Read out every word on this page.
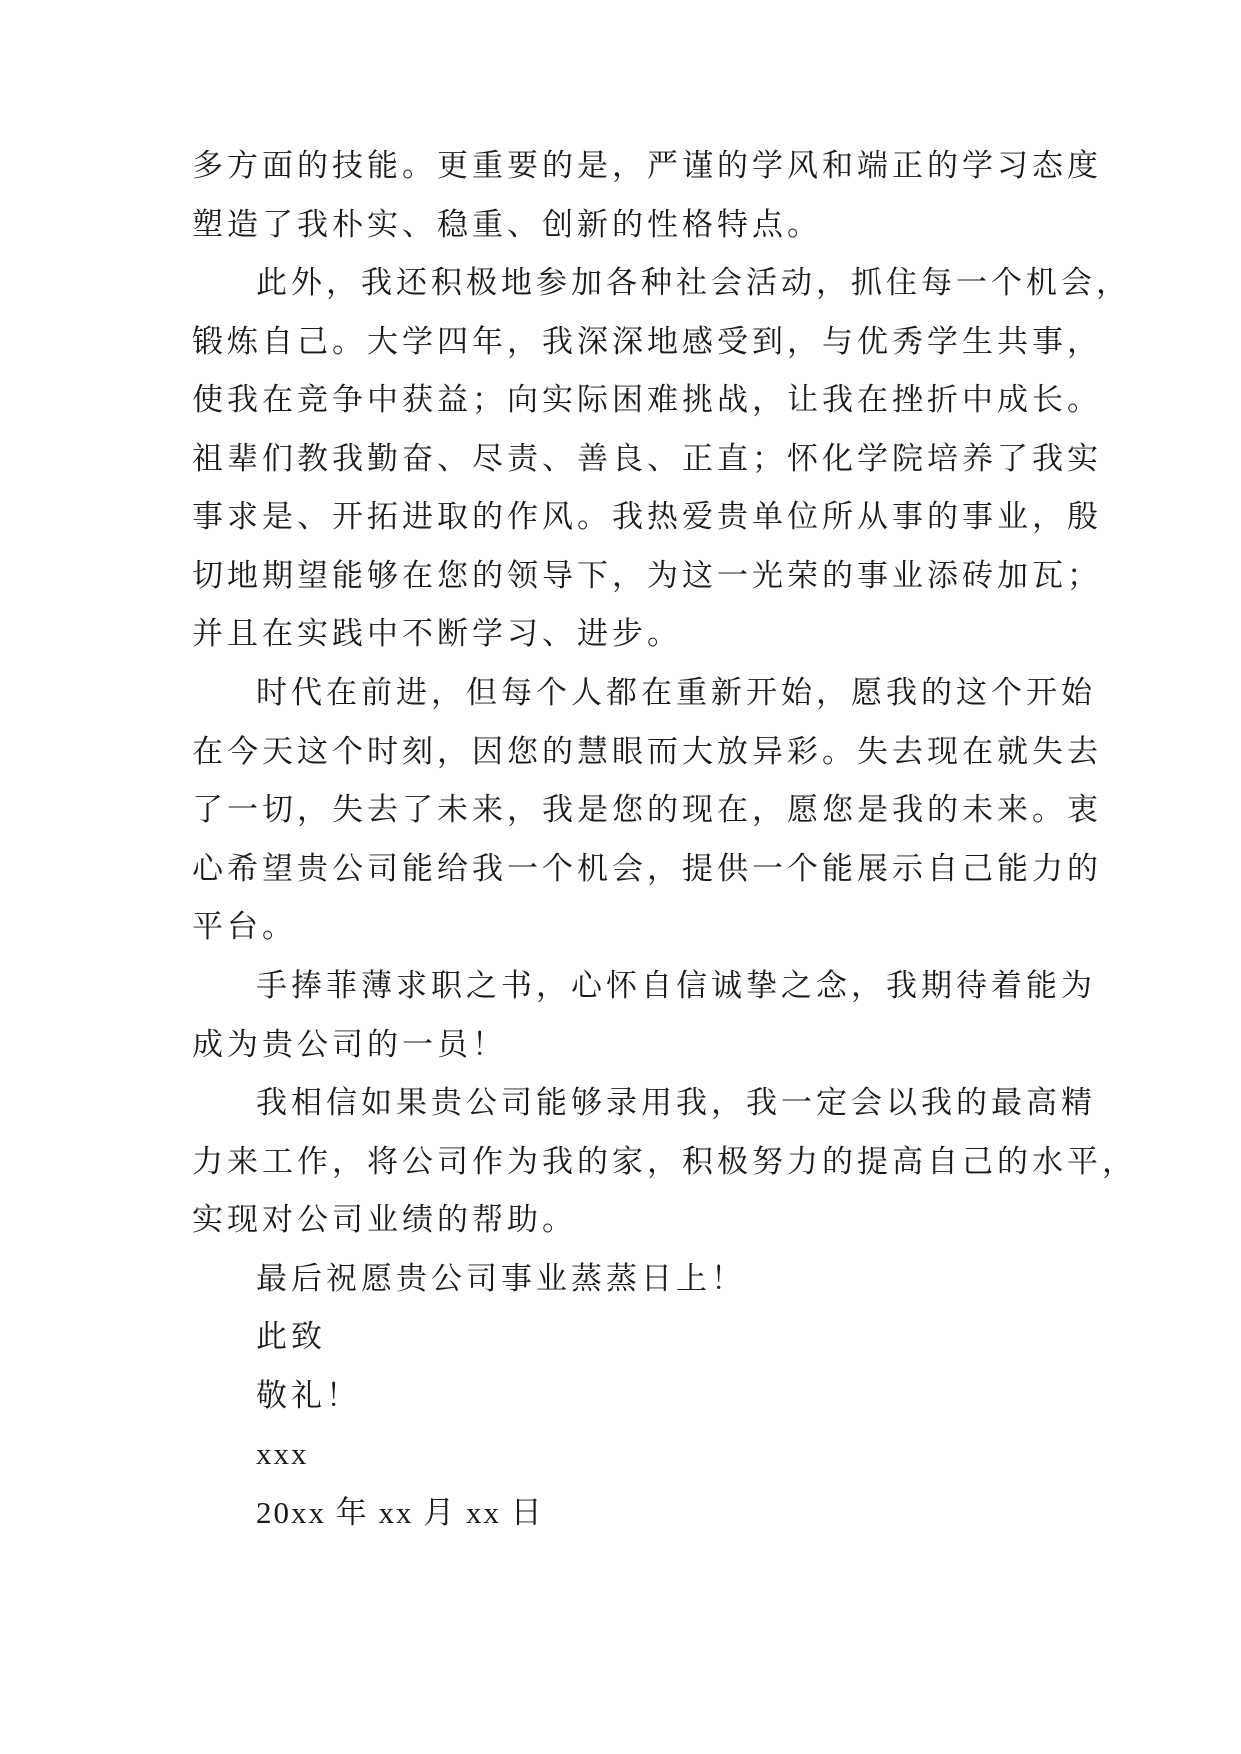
多方面的技能。更重要的是，严谨的学风和端正的学习态度
塑造了我朴实、稳重、创新的性格特点。
此外，我还积极地参加各种社会活动，抓住每一个机会，
锻炼自己。大学四年，我深深地感受到，与优秀学生共事，
使我在竞争中获益；向实际困难挑战，让我在挫折中成长。
祖辈们教我勤奋、尽责、善良、正直；怀化学院培养了我实
事求是、开拓进取的作风。我热爱贵单位所从事的事业，殷
切地期望能够在您的领导下，为这一光荣的事业添砖加瓦；
并且在实践中不断学习、进步。
时代在前进，但每个人都在重新开始，愿我的这个开始
在今天这个时刻，因您的慧眼而大放异彩。失去现在就失去
了一切，失去了未来，我是您的现在，愿您是我的未来。衷
心希望贵公司能给我一个机会，提供一个能展示自己能力的
平台。
手捧菲薄求职之书，心怀自信诚挚之念，我期待着能为
成为贵公司的一员！
我相信如果贵公司能够录用我，我一定会以我的最高精
力来工作，将公司作为我的家，积极努力的提高自己的水平，
实现对公司业绩的帮助。

最后祝愿贵公司事业蒸蒸日上！

此致

敬礼！

xxx

20xx 年 xx 月 xx 日
